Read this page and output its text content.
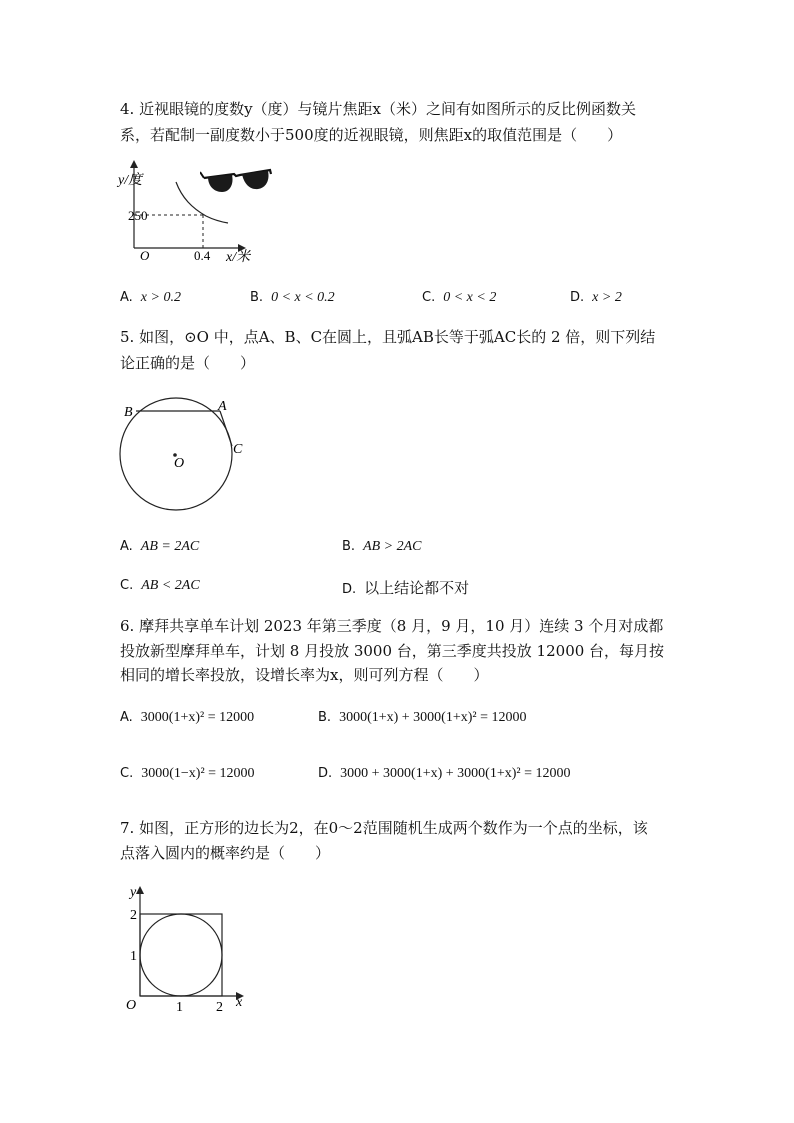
4. 近视眼镜的度数y（度）与镜片焦距x（米）之间有如图所示的反比例函数关
系，若配制一副度数小于500度的近视眼镜，则焦距x的取值范围是（　　）
y/度
250
O	0.4 x/米
A. x > 0.2	B. 0 < x < 0.2	C. 0 < x < 2	D. x > 2
5. 如图，⊙O 中，点A、B、C在圆上，且弧AB长等于弧AC长的 2 倍，则下列结
论正确的是（　　）
B	A
C
O
A. AB = 2AC	B. AB > 2AC
C. AB < 2AC	D. 以上结论都不对
6. 摩拜共享单车计划 2023 年第三季度（8 月，9 月，10 月）连续 3 个月对成都
投放新型摩拜单车，计划 8 月投放 3000 台，第三季度共投放 12000 台，每月按
相同的增长率投放，设增长率为x，则可列方程（　　）
A. 3000(1+x)² = 12000	B. 3000(1+x) + 3000(1+x)² = 12000
C. 3000(1−x)² = 12000	D. 3000 + 3000(1+x) + 3000(1+x)² = 12000
7. 如图，正方形的边长为2，在0～2范围随机生成两个数作为一个点的坐标，该
点落入圆内的概率约是（　　）
y
2
1
O	1 2 x
